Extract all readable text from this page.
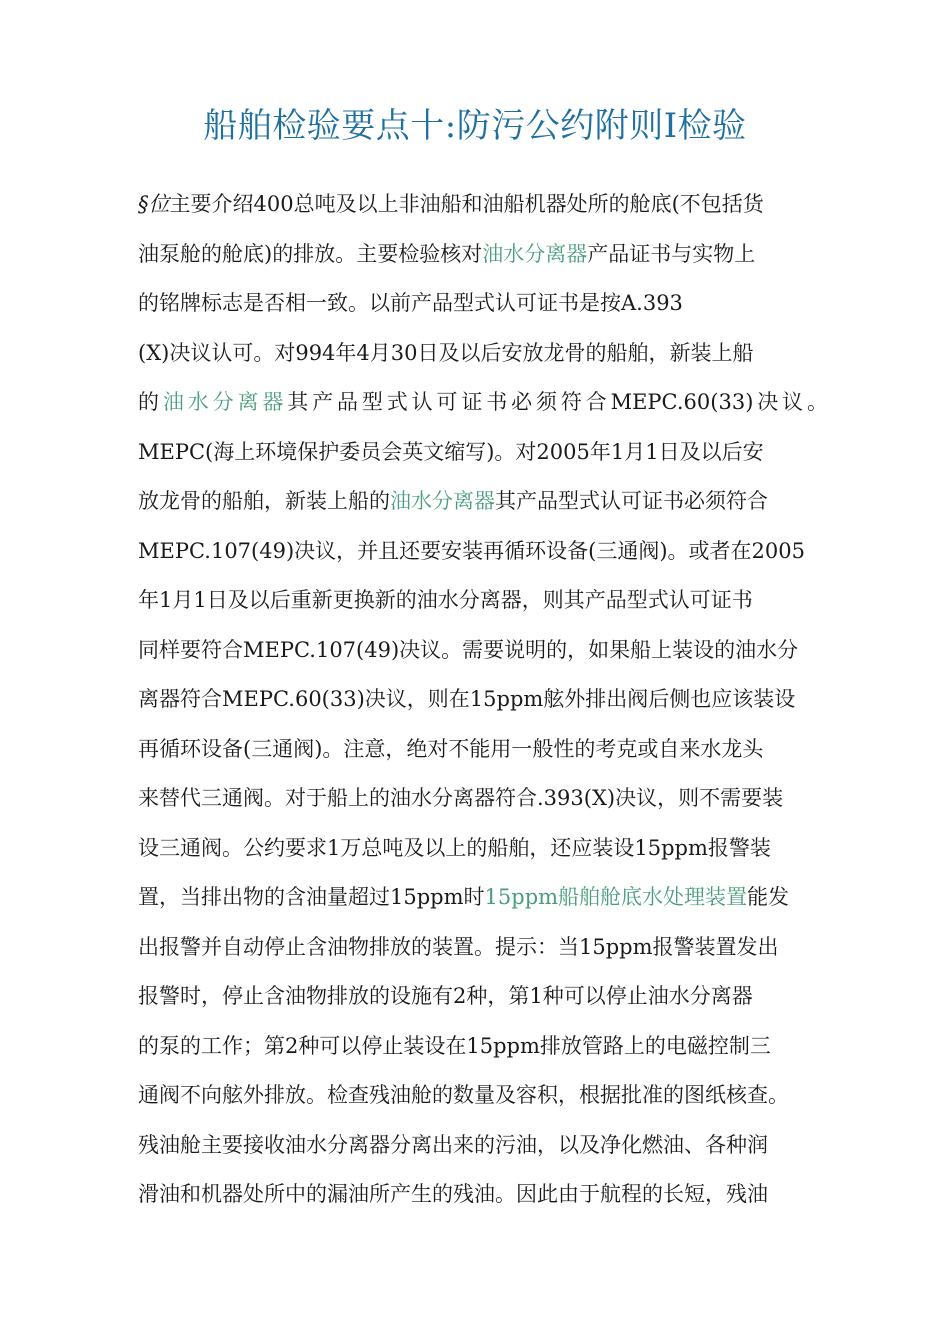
船舶检验要点十:防污公约附则Ⅰ检验
§位主要介绍400总吨及以上非油船和油船机器处所的舱底(不包括货
油泵舱的舱底)的排放。主要检验核对油水分离器产品证书与实物上
的铭牌标志是否相一致。以前产品型式认可证书是按A.393
(X)决议认可。对994年4月30日及以后安放龙骨的船舶，新装上船
的油水分离器其产品型式认可证书必须符合MEPC.60(33)决议。
MEPC(海上环境保护委员会英文缩写)。对2005年1月1日及以后安
放龙骨的船舶，新装上船的油水分离器其产品型式认可证书必须符合
MEPC.107(49)决议，并且还要安装再循环设备(三通阀)。或者在2005
年1月1日及以后重新更换新的油水分离器，则其产品型式认可证书
同样要符合MEPC.107(49)决议。需要说明的，如果船上装设的油水分
离器符合MEPC.60(33)决议，则在15ppm舷外排出阀后侧也应该装设
再循环设备(三通阀)。注意，绝对不能用一般性的考克或自来水龙头
来替代三通阀。对于船上的油水分离器符合.393(X)决议，则不需要装
设三通阀。公约要求1万总吨及以上的船舶，还应装设15ppm报警装
置，当排出物的含油量超过15ppm时15ppm船舶舱底水处理装置能发
出报警并自动停止含油物排放的装置。提示：当15ppm报警装置发出
报警时，停止含油物排放的设施有2种，第1种可以停止油水分离器
的泵的工作；第2种可以停止装设在15ppm排放管路上的电磁控制三
通阀不向舷外排放。检查残油舱的数量及容积，根据批准的图纸核查。
残油舱主要接收油水分离器分离出来的污油，以及净化燃油、各种润
滑油和机器处所中的漏油所产生的残油。因此由于航程的长短，残油
